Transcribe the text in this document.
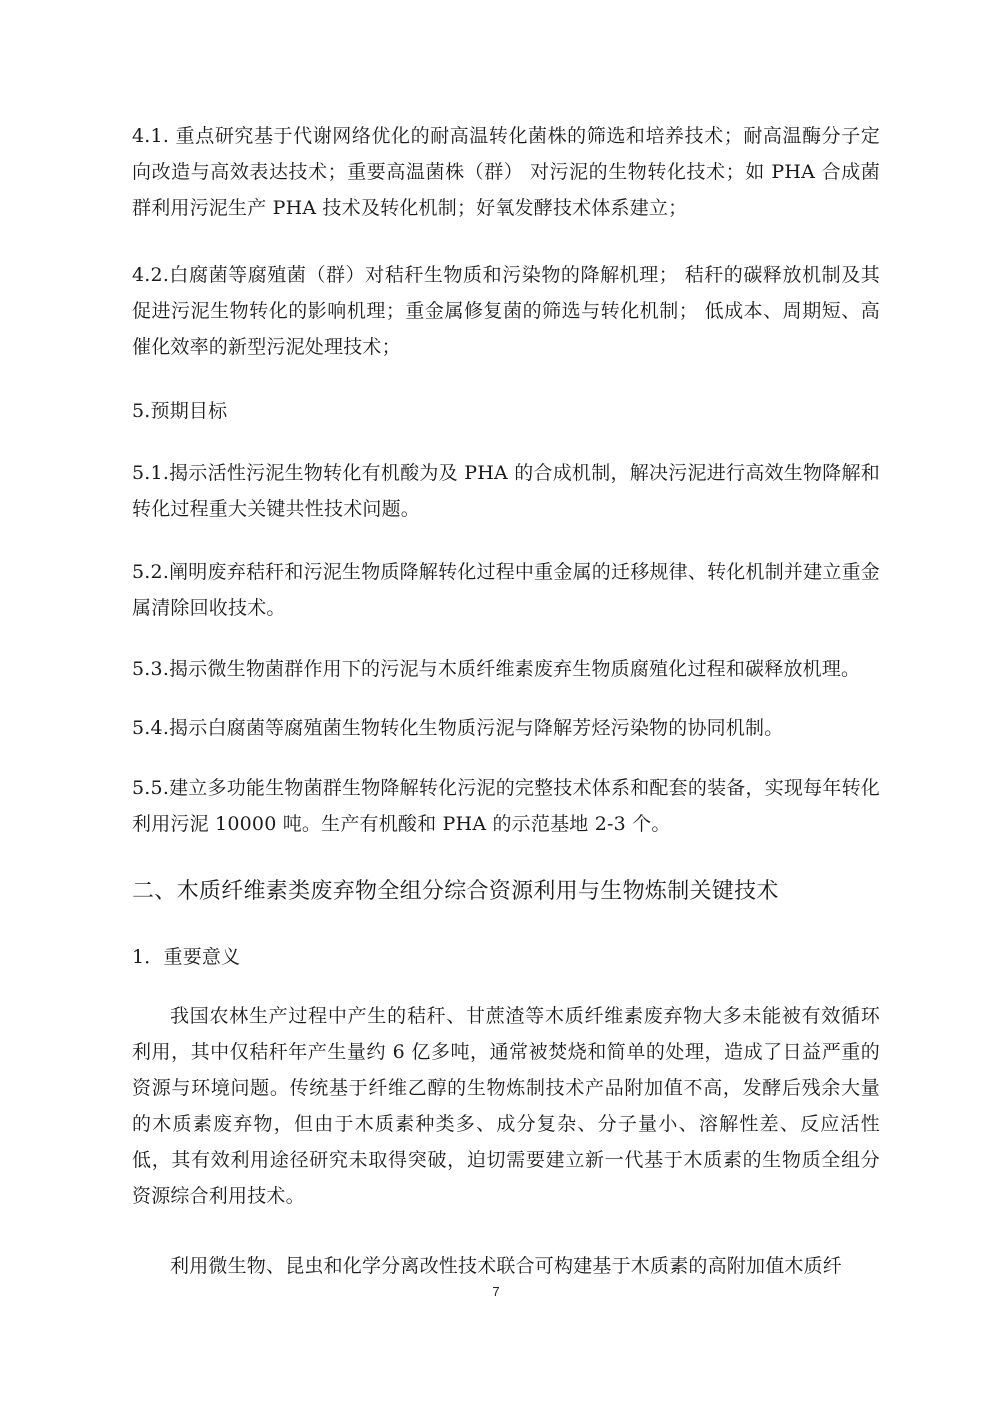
4.1. 重点研究基于代谢网络优化的耐高温转化菌株的筛选和培养技术；耐高温酶分子定向改造与高效表达技术；重要高温菌株（群） 对污泥的生物转化技术；如 PHA 合成菌群利用污泥生产 PHA 技术及转化机制；好氧发酵技术体系建立；

4.2.白腐菌等腐殖菌（群）对秸秆生物质和污染物的降解机理； 秸秆的碳释放机制及其促进污泥生物转化的影响机理；重金属修复菌的筛选与转化机制； 低成本、周期短、高催化效率的新型污泥处理技术；

5.预期目标

5.1.揭示活性污泥生物转化有机酸为及 PHA 的合成机制，解决污泥进行高效生物降解和转化过程重大关键共性技术问题。

5.2.阐明废弃秸秆和污泥生物质降解转化过程中重金属的迁移规律、转化机制并建立重金属清除回收技术。

5.3.揭示微生物菌群作用下的污泥与木质纤维素废弃生物质腐殖化过程和碳释放机理。

5.4.揭示白腐菌等腐殖菌生物转化生物质污泥与降解芳烃污染物的协同机制。

5.5.建立多功能生物菌群生物降解转化污泥的完整技术体系和配套的装备，实现每年转化利用污泥 10000 吨。生产有机酸和 PHA 的示范基地 2-3 个。

二、木质纤维素类废弃物全组分综合资源利用与生物炼制关键技术

1．重要意义

我国农林生产过程中产生的秸秆、甘蔗渣等木质纤维素废弃物大多未能被有效循环利用，其中仅秸秆年产生量约 6 亿多吨，通常被焚烧和简单的处理，造成了日益严重的资源与环境问题。传统基于纤维乙醇的生物炼制技术产品附加值不高，发酵后残余大量的木质素废弃物，但由于木质素种类多、成分复杂、分子量小、溶解性差、反应活性低，其有效利用途径研究未取得突破，迫切需要建立新一代基于木质素的生物质全组分资源综合利用技术。

利用微生物、昆虫和化学分离改性技术联合可构建基于木质素的高附加值木质纤

7
